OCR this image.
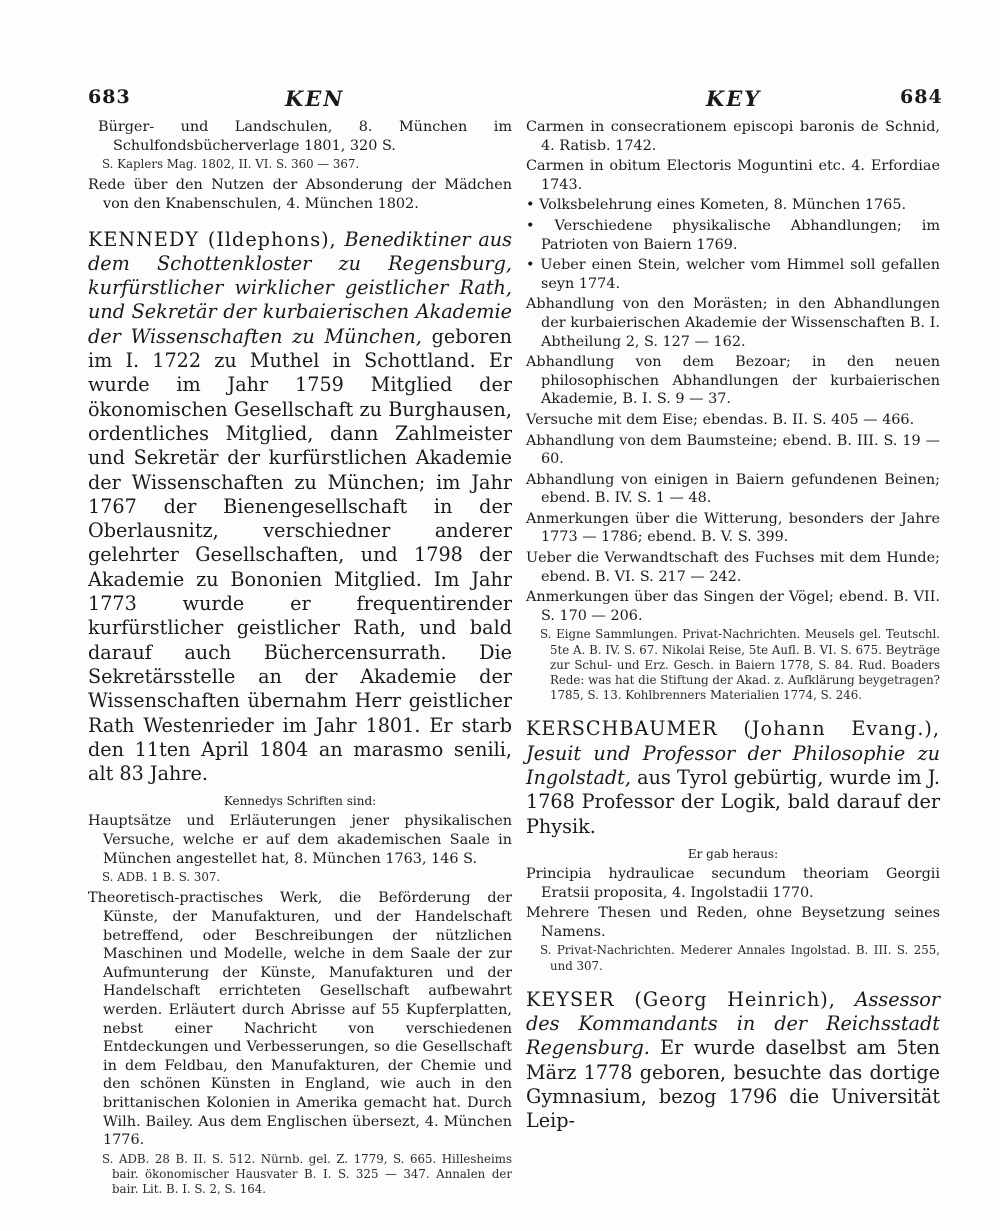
683	KEN	KEY	684

Bürger- und Landschulen, 8. München im Schulfondsbücherverlage 1801, 320 S.

S. Kaplers Mag. 1802, II. VI. S. 360 — 367.

Rede über den Nutzen der Absonderung der Mädchen von den Knabenschulen, 4. München 1802.

KENNEDY (Ildephons), Benediktiner aus dem Schottenkloster zu Regensburg, kurfürstlicher wirklicher geistlicher Rath, und Sekretär der kurbaierischen Akademie der Wissenschaften zu München, geboren im I. 1722 zu Muthel in Schottland. Er wurde im Jahr 1759 Mitglied der ökonomischen Gesellschaft zu Burghausen, ordentliches Mitglied, dann Zahlmeister und Sekretär der kurfürstlichen Akademie der Wissenschaften zu München; im Jahr 1767 der Bienengesellschaft in der Oberlausnitz, verschiedner anderer gelehrter Gesellschaften, und 1798 der Akademie zu Bononien Mitglied. Im Jahr 1773 wurde er frequentirender kurfürstlicher geistlicher Rath, und bald darauf auch Büchercensurrath. Die Sekretärsstelle an der Akademie der Wissenschaften übernahm Herr geistlicher Rath Westenrieder im Jahr 1801. Er starb den 11ten April 1804 an marasmo senili, alt 83 Jahre.
Kennedys Schriften sind:

Hauptsätze und Erläuterungen jener physikalischen Versuche, welche er auf dem akademischen Saale in München angestellet hat, 8. München 1763, 146 S.

S. ADB. 1 B. S. 307.

Theoretisch-practisches Werk, die Beförderung der Künste, der Manufakturen, und der Handelschaft betreffend, oder Beschreibungen der nützlichen Maschinen und Modelle, welche in dem Saale der zur Aufmunterung der Künste, Manufakturen und der Handelschaft errichteten Gesellschaft aufbewahrt werden. Erläutert durch Abrisse auf 55 Kupferplatten, nebst einer Nachricht von verschiedenen Entdeckungen und Verbesserungen, so die Gesellschaft in dem Feldbau, den Manufakturen, der Chemie und den schönen Künsten in England, wie auch in den brittanischen Kolonien in Amerika gemacht hat. Durch Wilh. Bailey. Aus dem Englischen übersezt, 4. München 1776.

S. ADB. 28 B. II. S. 512. Nürnb. gel. Z. 1779, S. 665. Hillesheims bair. ökonomischer Hausvater B. I. S. 325 — 347. Annalen der bair. Lit. B. I. S. 2, S. 164.

Carmen in consecrationem episcopi baronis de Schnid, 4. Ratisb. 1742.

Carmen in obitum Electoris Moguntini etc. 4. Erfordiae 1743.

• Volksbelehrung eines Kometen, 8. München 1765.

• Verschiedene physikalische Abhandlungen; im Patrioten von Baiern 1769.

• Ueber einen Stein, welcher vom Himmel soll gefallen seyn 1774.

Abhandlung von den Morästen; in den Abhandlungen der kurbaierischen Akademie der Wissenschaften B. I. Abtheilung 2, S. 127 — 162.

Abhandlung von dem Bezoar; in den neuen philosophischen Abhandlungen der kurbaierischen Akademie, B. I. S. 9 — 37.

Versuche mit dem Eise; ebendas. B. II. S. 405 — 466.

Abhandlung von dem Baumsteine; ebend. B. III. S. 19 — 60.

Abhandlung von einigen in Baiern gefundenen Beinen; ebend. B. IV. S. 1 — 48.

Anmerkungen über die Witterung, besonders der Jahre 1773 — 1786; ebend. B. V. S. 399.

Ueber die Verwandtschaft des Fuchses mit dem Hunde; ebend. B. VI. S. 217 — 242.

Anmerkungen über das Singen der Vögel; ebend. B. VII. S. 170 — 206.

S. Eigne Sammlungen. Privat-Nachrichten. Meusels gel. Teutschl. 5te A. B. IV. S. 67. Nikolai Reise, 5te Aufl. B. VI. S. 675. Beyträge zur Schul- und Erz. Gesch. in Baiern 1778, S. 84. Rud. Boaders Rede: was hat die Stiftung der Akad. z. Aufklärung beygetragen? 1785, S. 13. Kohlbrenners Materialien 1774, S. 246.

KERSCHBAUMER (Johann Evang.), Jesuit und Professor der Philosophie zu Ingolstadt, aus Tyrol gebürtig, wurde im J. 1768 Professor der Logik, bald darauf der Physik.
Er gab heraus:

Principia hydraulicae secundum theoriam Georgii Eratsii proposita, 4. Ingolstadii 1770.

Mehrere Thesen und Reden, ohne Beysetzung seines Namens.

S. Privat-Nachrichten. Mederer Annales Ingolstad. B. III. S. 255, und 307.

KEYSER (Georg Heinrich), Assessor des Kommandants in der Reichsstadt Regensburg. Er wurde daselbst am 5ten März 1778 geboren, besuchte das dortige Gymnasium, bezog 1796 die Universität Leip-
